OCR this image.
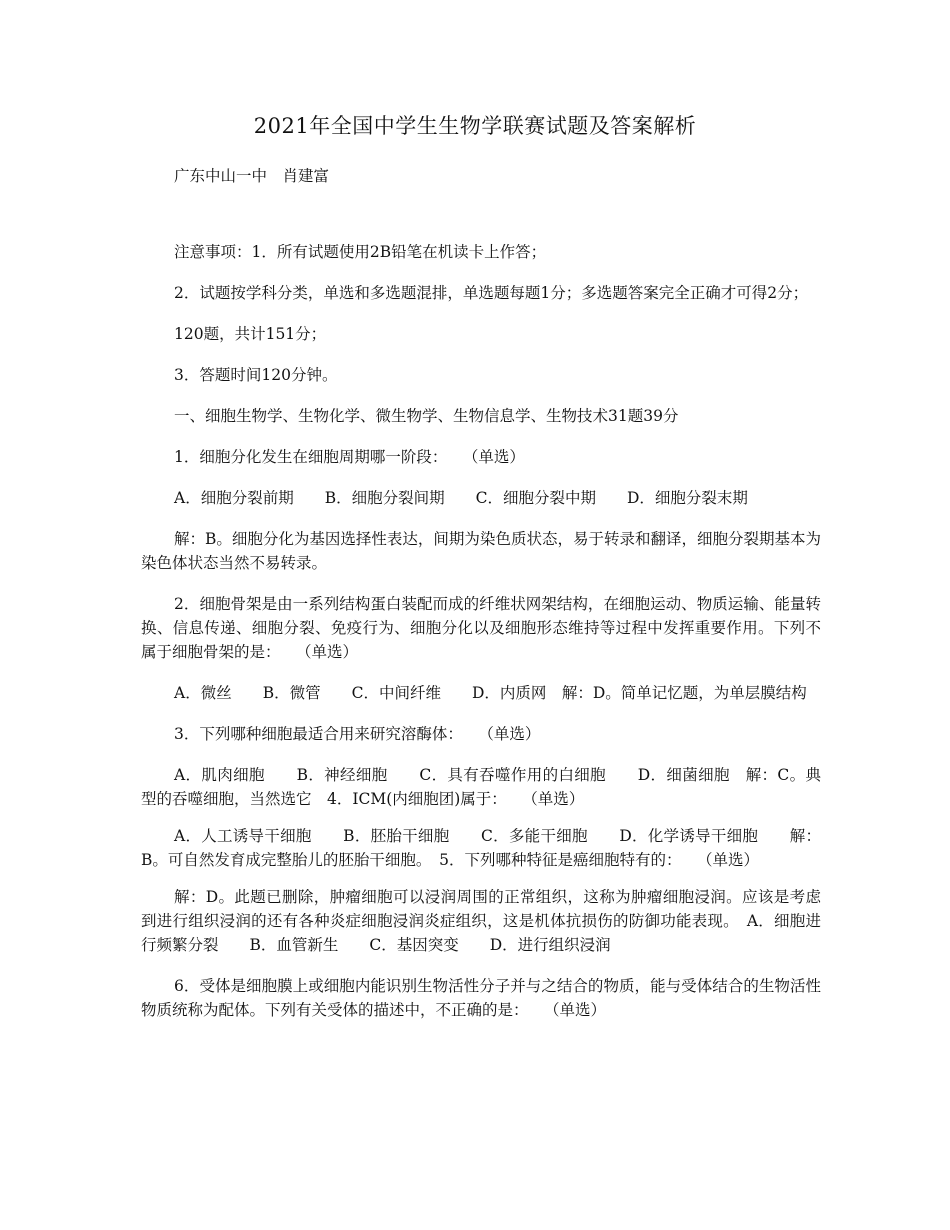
2021年全国中学生生物学联赛试题及答案解析
广东中山一中　肖建富

注意事项：1．所有试题使用2B铅笔在机读卡上作答；

2．试题按学科分类，单选和多选题混排，单选题每题1分；多选题答案完全正确才可得2分；

120题，共计151分；

3．答题时间120分钟。

一、细胞生物学、生物化学、微生物学、生物信息学、生物技术31题39分

1．细胞分化发生在细胞周期哪一阶段：　　（单选）

A．细胞分裂前期　　B．细胞分裂间期　　C．细胞分裂中期　　D．细胞分裂末期

解：B。细胞分化为基因选择性表达，间期为染色质状态，易于转录和翻译，细胞分裂期基本为染色体状态当然不易转录。

2．细胞骨架是由一系列结构蛋白装配而成的纤维状网架结构，在细胞运动、物质运输、能量转换、信息传递、细胞分裂、免疫行为、细胞分化以及细胞形态维持等过程中发挥重要作用。下列不属于细胞骨架的是：　　（单选）

A．微丝　　B．微管　　C．中间纤维　　D．内质网　解：D。简单记忆题，为单层膜结构

3．下列哪种细胞最适合用来研究溶酶体：　　（单选）

A．肌肉细胞　　B．神经细胞　　C．具有吞噬作用的白细胞　　D．细菌细胞　解：C。典型的吞噬细胞，当然选它　4．ICM(内细胞团)属于：　　（单选）

A．人工诱导干细胞　　B．胚胎干细胞　　C．多能干细胞　　D．化学诱导干细胞　　解：B。可自然发育成完整胎儿的胚胎干细胞。　5．下列哪种特征是癌细胞特有的：　　（单选）

解：D。此题已删除，肿瘤细胞可以浸润周围的正常组织，这称为肿瘤细胞浸润。应该是考虑到进行组织浸润的还有各种炎症细胞浸润炎症组织，这是机体抗损伤的防御功能表现。　A．细胞进行频繁分裂　　B．血管新生　　C．基因突变　　D．进行组织浸润

6．受体是细胞膜上或细胞内能识别生物活性分子并与之结合的物质，能与受体结合的生物活性物质统称为配体。下列有关受体的描述中，不正确的是：　　（单选）
